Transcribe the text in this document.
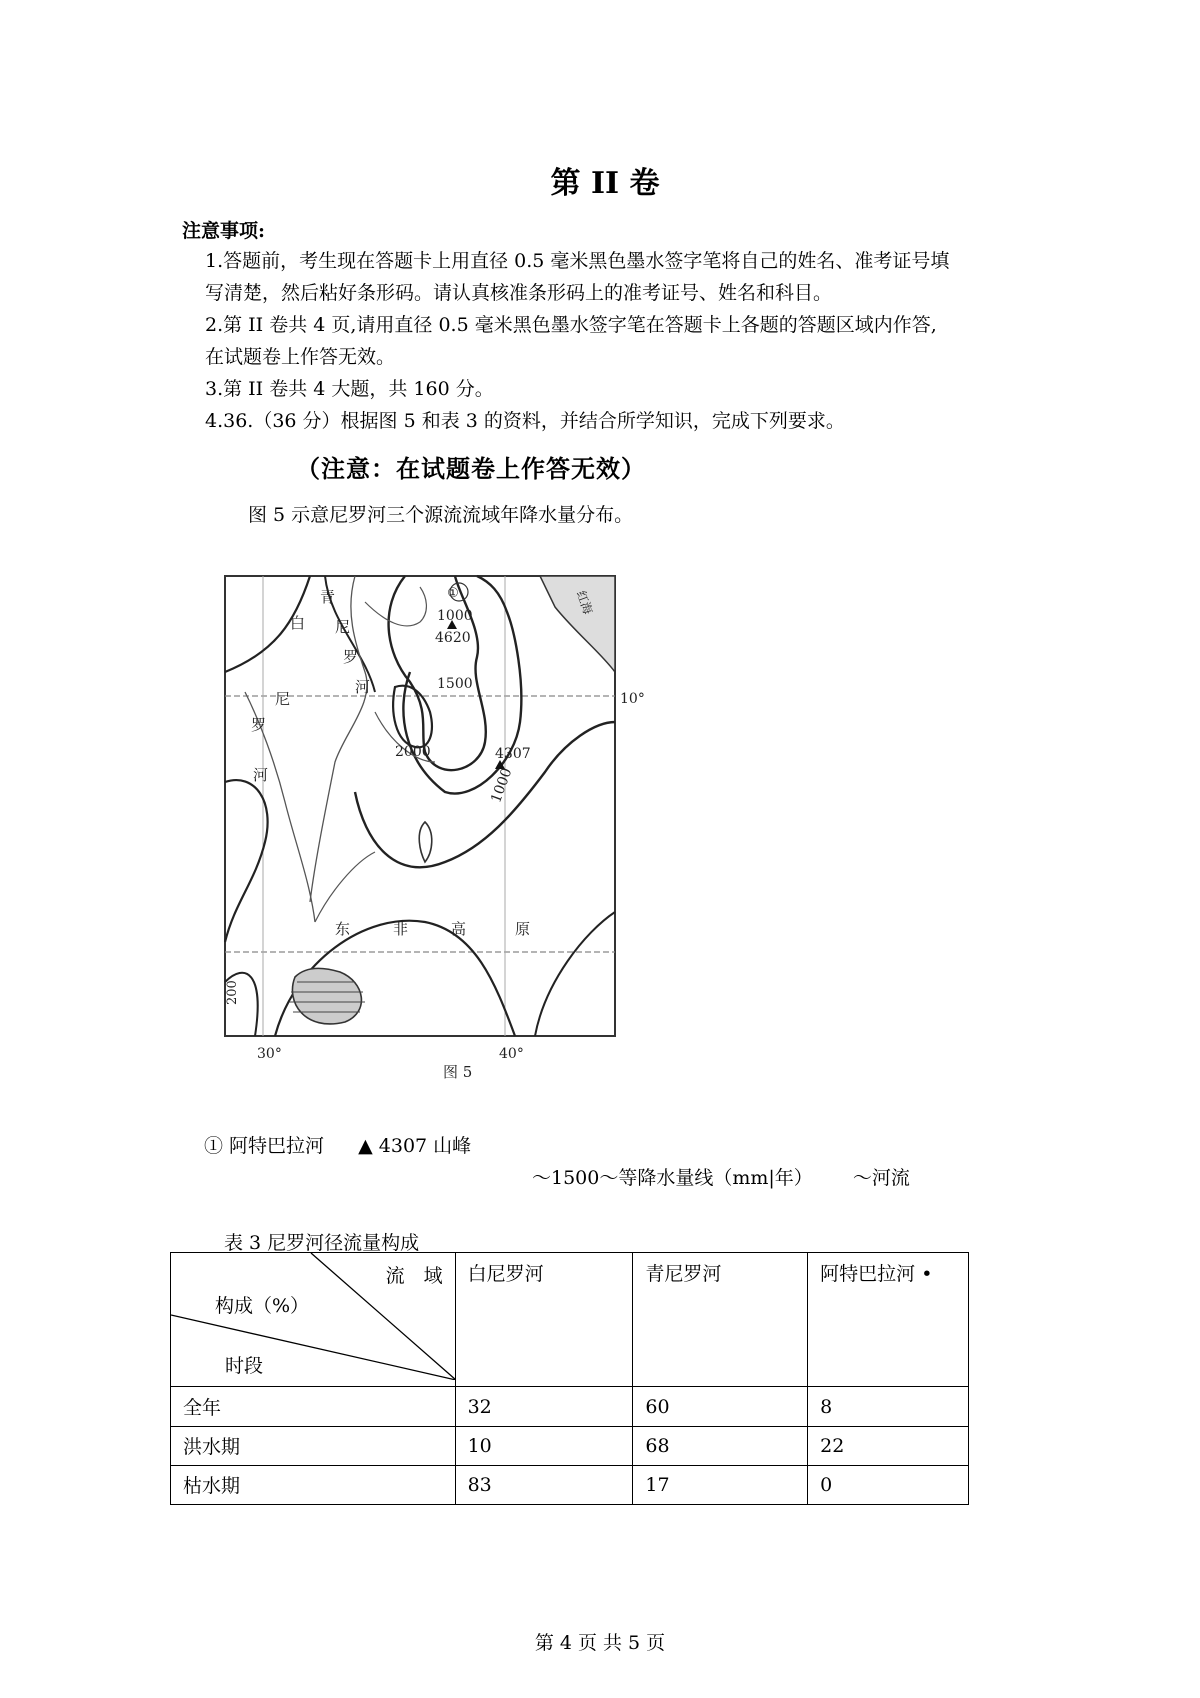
第 II 卷
注意事项:
1.答题前，考生现在答题卡上用直径 0.5 毫米黑色墨水签字笔将自己的姓名、准考证号填
写清楚，然后粘好条形码。请认真核准条形码上的准考证号、姓名和科目。
2.第 II 卷共 4 页,请用直径 0.5 毫米黑色墨水签字笔在答题卡上各题的答题区域内作答,
在试题卷上作答无效。
3.第 II 卷共 4 大题，共 160 分。
4.36.（36 分）根据图 5 和表 3 的资料，并结合所学知识，完成下列要求。
（注意：在试题卷上作答无效）
图 5 示意尼罗河三个源流流域年降水量分布。
①
1000
4620
1500
10°
2000	4307
1000
200
30°	40°
图 5
白
青
尼
罗
河
尼
罗
河
东	非	高	原
红海
① 阿特巴拉河 ▲ 4307 山峰
～1500～等降水量线（mm|年） ～河流
表 3 尼罗河径流量构成
流　域
构成（%）
时段	白尼罗河	青尼罗河	阿特巴拉河 •
全年	32	60	8
洪水期	10	68	22
枯水期	83	17	0
第 4 页 共 5 页
